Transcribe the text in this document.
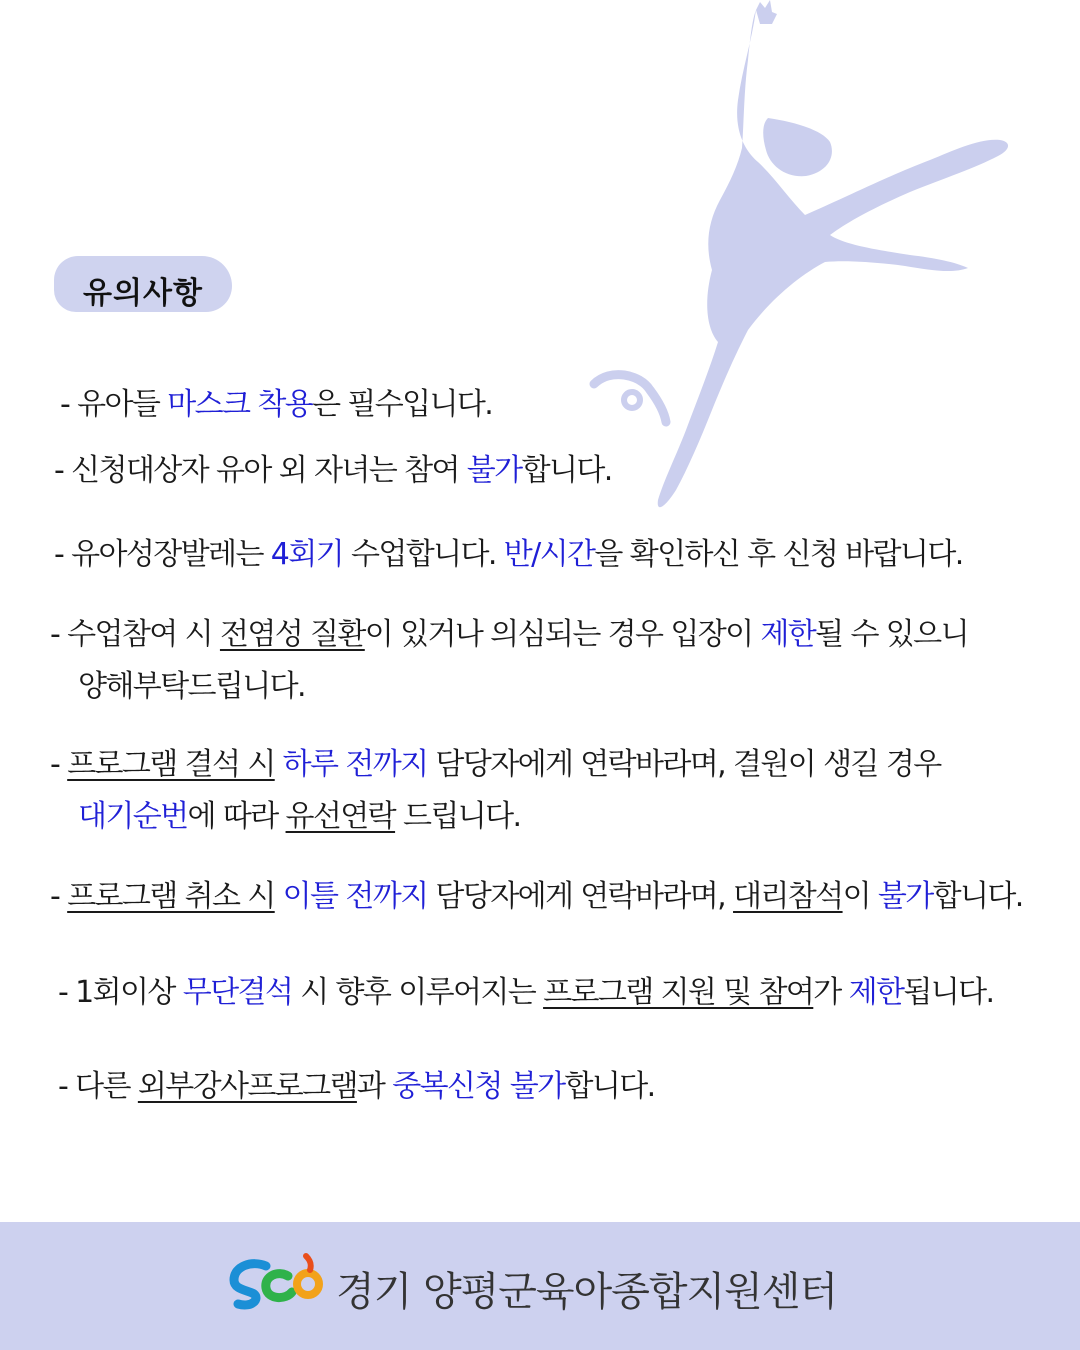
유의사항
- 유아들 마스크 착용은 필수입니다.
- 신청대상자 유아 외 자녀는 참여 불가합니다.
- 유아성장발레는 4회기 수업합니다. 반/시간을 확인하신 후 신청 바랍니다.
- 수업참여 시 전염성 질환이 있거나 의심되는 경우 입장이 제한될 수 있으니
양해부탁드립니다.
- 프로그램 결석 시 하루 전까지 담당자에게 연락바라며, 결원이 생길 경우
대기순번에 따라 유선연락 드립니다.
- 프로그램 취소 시 이틀 전까지 담당자에게 연락바라며, 대리참석이 불가합니다.
- 1회이상 무단결석 시 향후 이루어지는 프로그램 지원 및 참여가 제한됩니다.
- 다른 외부강사프로그램과 중복신청 불가합니다.
경기 양평군육아종합지원센터
